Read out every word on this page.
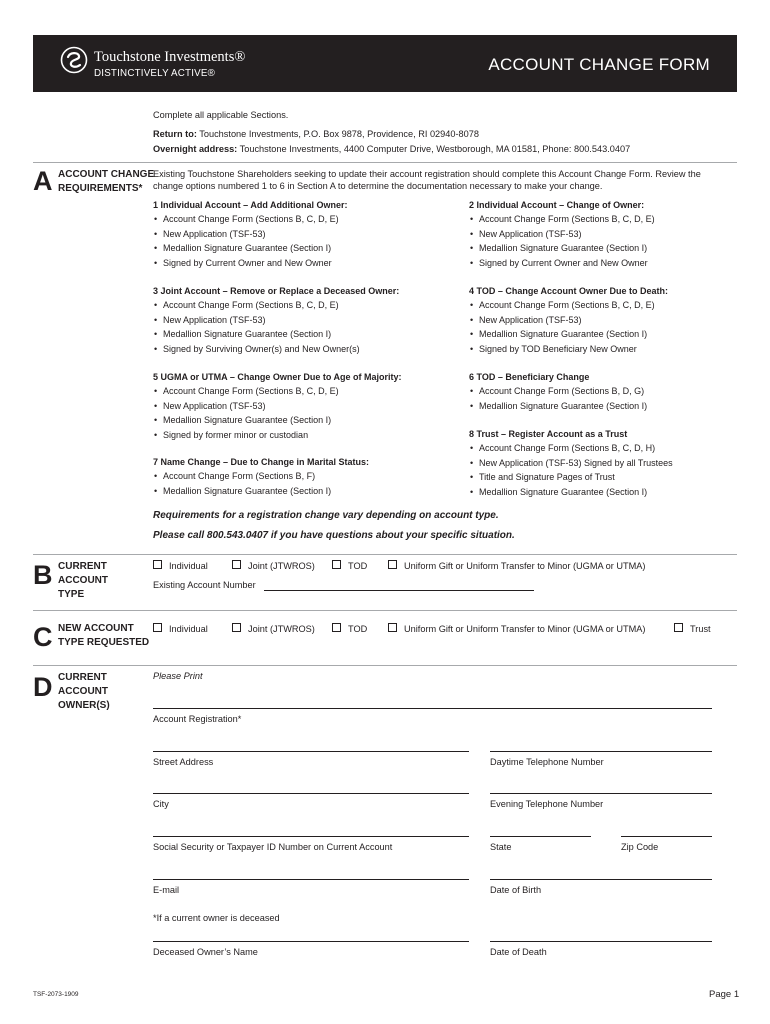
Touchstone Investments®
DISTINCTIVELY ACTIVE®	ACCOUNT CHANGE FORM
Complete all applicable Sections.
Return to: Touchstone Investments, P.O. Box 9878, Providence, RI 02940-8078
Overnight address: Touchstone Investments, 4400 Computer Drive, Westborough, MA 01581, Phone: 800.543.0407
A ACCOUNT CHANGE
REQUIREMENTS*
Existing Touchstone Shareholders seeking to update their account registration should complete this Account Change Form. Review the
change options numbered 1 to 6 in Section A to determine the documentation necessary to make your change.
1 Individual Account – Add Additional Owner:
• Account Change Form (Sections B, C, D, E)
• New Application (TSF-53)
• Medallion Signature Guarantee (Section I)
• Signed by Current Owner and New Owner
2 Individual Account – Change of Owner:
• Account Change Form (Sections B, C, D, E)
• New Application (TSF-53)
• Medallion Signature Guarantee (Section I)
• Signed by Current Owner and New Owner
3 Joint Account – Remove or Replace a Deceased Owner:
• Account Change Form (Sections B, C, D, E)
• New Application (TSF-53)
• Medallion Signature Guarantee (Section I)
• Signed by Surviving Owner(s) and New Owner(s)
4 TOD – Change Account Owner Due to Death:
• Account Change Form (Sections B, C, D, E)
• New Application (TSF-53)
• Medallion Signature Guarantee (Section I)
• Signed by TOD Beneficiary New Owner
5 UGMA or UTMA – Change Owner Due to Age of Majority:
• Account Change Form (Sections B, C, D, E)
• New Application (TSF-53)
• Medallion Signature Guarantee (Section I)
• Signed by former minor or custodian
6 TOD – Beneficiary Change
• Account Change Form (Sections B, D, G)
• Medallion Signature Guarantee (Section I)
7 Name Change – Due to Change in Marital Status:
• Account Change Form (Sections B, F)
• Medallion Signature Guarantee (Section I)
8 Trust – Register Account as a Trust
• Account Change Form (Sections B, C, D, H)
• New Application (TSF-53) Signed by all Trustees
• Title and Signature Pages of Trust
• Medallion Signature Guarantee (Section I)
Requirements for a registration change vary depending on account type.
Please call 800.543.0407 if you have questions about your specific situation.
B CURRENT
ACCOUNT
TYPE
Individual	Joint (JTWROS)	TOD	Uniform Gift or Uniform Transfer to Minor (UGMA or UTMA)
Existing Account Number
C NEW ACCOUNT
TYPE REQUESTED
Individual	Joint (JTWROS)	TOD	Uniform Gift or Uniform Transfer to Minor (UGMA or UTMA)	Trust
D CURRENT
ACCOUNT
OWNER(S)
Please Print
Account Registration*
Street Address	Daytime Telephone Number
City	Evening Telephone Number
Social Security or Taxpayer ID Number on Current Account	State	Zip Code
E-mail	Date of Birth
*If a current owner is deceased
Deceased Owner’s Name	Date of Death
TSF-2073-1909	Page 1
